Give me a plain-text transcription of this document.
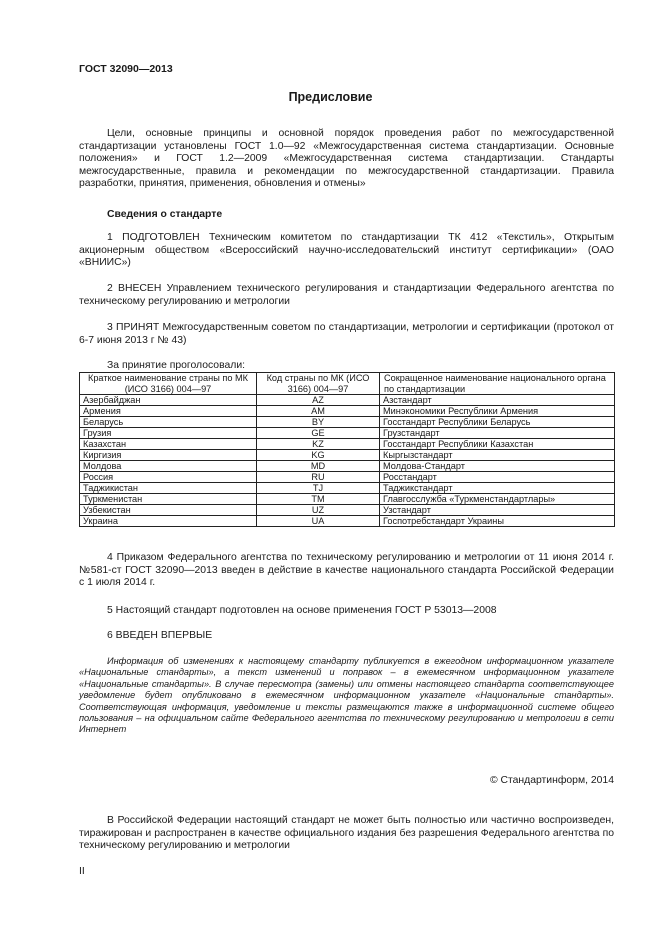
ГОСТ 32090—2013
Предисловие
Цели, основные принципы и основной порядок проведения работ по межгосударственной стандартизации установлены ГОСТ 1.0—92 «Межгосударственная система стандартизации. Основные положения» и ГОСТ 1.2—2009 «Межгосударственная система стандартизации. Стандарты межгосударственные, правила и рекомендации по межгосударственной стандартизации. Правила разработки, принятия, применения, обновления и отмены»
Сведения о стандарте
1 ПОДГОТОВЛЕН Техническим комитетом по стандартизации ТК 412 «Текстиль», Открытым акционерным обществом «Всероссийский научно-исследовательский институт сертификации» (ОАО «ВНИИС»)
2 ВНЕСЕН Управлением технического регулирования и стандартизации Федерального агентства по техническому регулированию и метрологии
3 ПРИНЯТ Межгосударственным советом по стандартизации, метрологии и сертификации (протокол от 6-7 июня 2013 г № 43)
За принятие проголосовали:
Краткое наименование страны по МК (ИСО 3166) 004—97	Код страны по МК (ИСО 3166) 004—97	Сокращенное наименование национального органа по стандартизации
Азербайджан	AZ	Азстандарт
Армения	AM	Минэкономики Республики Армения
Беларусь	BY	Госстандарт Республики Беларусь
Грузия	GE	Грузстандарт
Казахстан	KZ	Госстандарт Республики Казахстан
Киргизия	KG	Кыргызстандарт
Молдова	MD	Молдова-Стандарт
Россия	RU	Росстандарт
Таджикистан	TJ	Таджикстандарт
Туркменистан	TM	Главгосслужба «Туркменстандартлары»
Узбекистан	UZ	Узстандарт
Украина	UA	Госпотребстандарт Украины
4 Приказом Федерального агентства по техническому регулированию и метрологии от 11 июня 2014 г. №581-ст ГОСТ 32090—2013 введен в действие в качестве национального стандарта Российской Федерации с 1 июля 2014 г.
5 Настоящий стандарт подготовлен на основе применения ГОСТ Р 53013—2008
6 ВВЕДЕН ВПЕРВЫЕ
Информация об изменениях к настоящему стандарту публикуется в ежегодном информационном указателе «Национальные стандарты», а текст изменений и поправок – в ежемесячном информационном указателе «Национальные стандарты». В случае пересмотра (замены) или отмены настоящего стандарта соответствующее уведомление будет опубликовано в ежемесячном информационном указателе «Национальные стандарты». Соответствующая информация, уведомление и тексты размещаются также в информационной системе общего пользования – на официальном сайте Федерального агентства по техническому регулированию и метрологии в сети Интернет
© Стандартинформ, 2014
В Российской Федерации настоящий стандарт не может быть полностью или частично воспроизведен, тиражирован и распространен в качестве официального издания без разрешения Федерального агентства по техническому регулированию и метрологии
II
